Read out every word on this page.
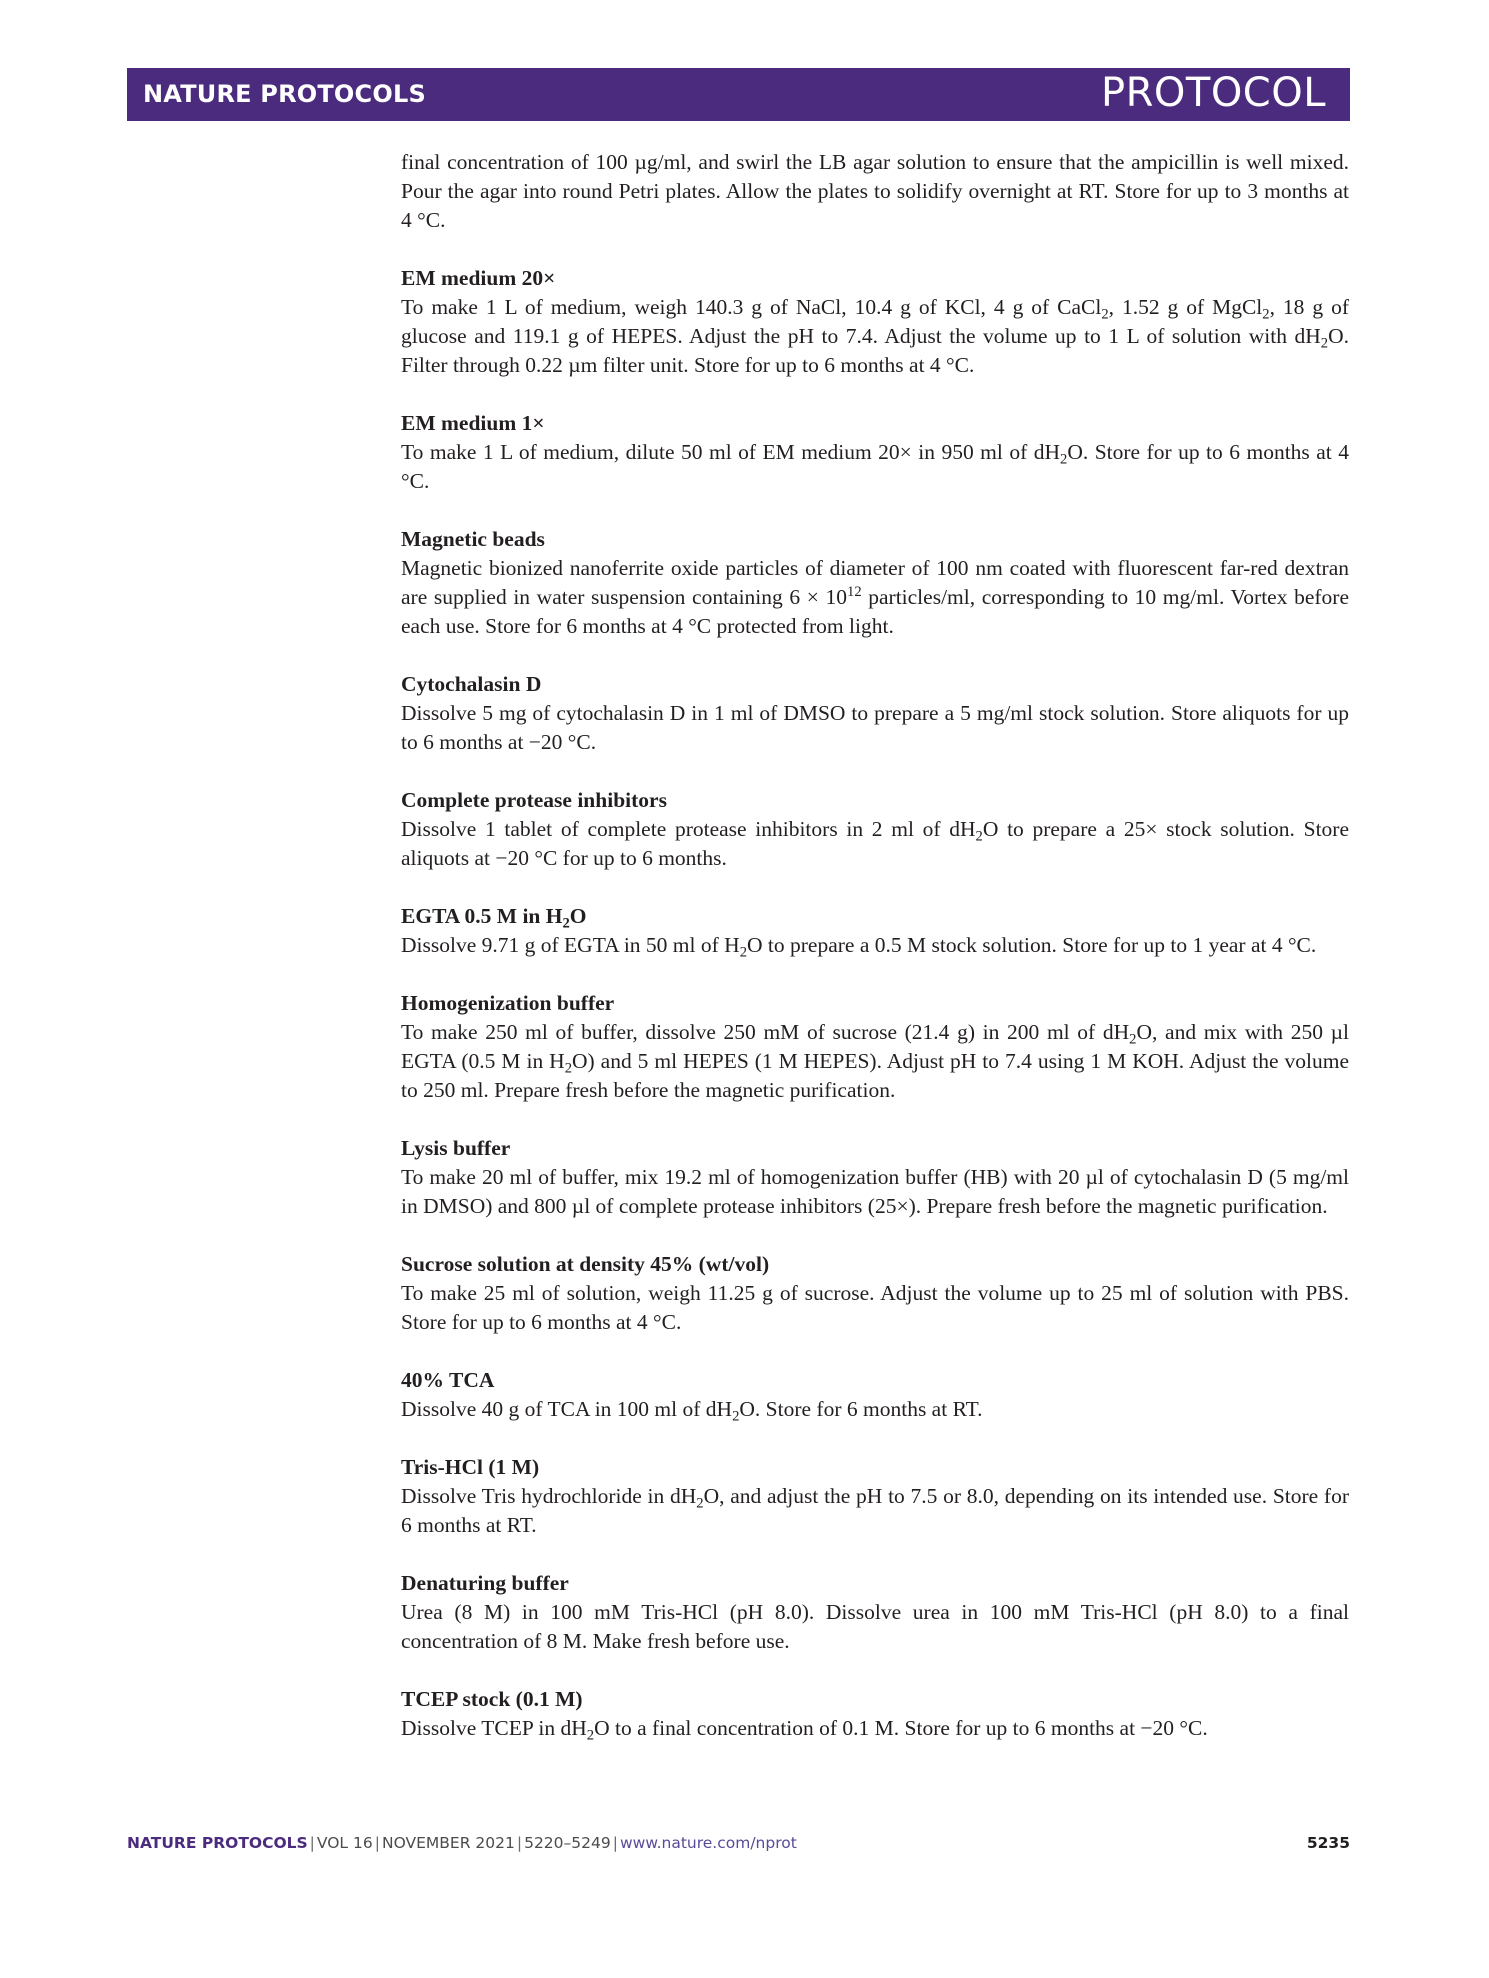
NATURE PROTOCOLS	PROTOCOL

final concentration of 100 µg/ml, and swirl the LB agar solution to ensure that the ampicillin is well mixed. Pour the agar into round Petri plates. Allow the plates to solidify overnight at RT. Store for up to 3 months at 4 °C.

EM medium 20×

To make 1 L of medium, weigh 140.3 g of NaCl, 10.4 g of KCl, 4 g of CaCl$_2$, 1.52 g of MgCl$_2$, 18 g of glucose and 119.1 g of HEPES. Adjust the pH to 7.4. Adjust the volume up to 1 L of solution with $dH_2O$. Filter through 0.22 µm filter unit. Store for up to 6 months at 4 °C.

EM medium 1×

To make 1 L of medium, dilute 50 ml of EM medium 20× in 950 ml of $dH_2O$. Store for up to 6 months at 4 °C.

Magnetic beads

Magnetic bionized nanoferrite oxide particles of diameter of 100 nm coated with fluorescent far-red dextran are supplied in water suspension containing $6 \times 10^{12}$ particles/ml, corresponding to 10 mg/ml. Vortex before each use. Store for 6 months at 4 °C protected from light.

Cytochalasin D

Dissolve 5 mg of cytochalasin D in 1 ml of DMSO to prepare a 5 mg/ml stock solution. Store aliquots for up to 6 months at −20 °C.

Complete protease inhibitors

Dissolve 1 tablet of complete protease inhibitors in 2 ml of $dH_2O$ to prepare a 25× stock solution. Store aliquots at −20 °C for up to 6 months.

EGTA 0.5 M in $H_2O$

Dissolve 9.71 g of EGTA in 50 ml of $H_2O$ to prepare a 0.5 M stock solution. Store for up to 1 year at 4 °C.

Homogenization buffer

To make 250 ml of buffer, dissolve 250 mM of sucrose (21.4 g) in 200 ml of $dH_2O$, and mix with 250 µl EGTA (0.5 M in $H_2O$) and 5 ml HEPES (1 M HEPES). Adjust pH to 7.4 using 1 M KOH. Adjust the volume to 250 ml. Prepare fresh before the magnetic purification.

Lysis buffer

To make 20 ml of buffer, mix 19.2 ml of homogenization buffer (HB) with 20 µl of cytochalasin D (5 mg/ml in DMSO) and 800 µl of complete protease inhibitors (25×). Prepare fresh before the magnetic purification.

Sucrose solution at density 45% (wt/vol)

To make 25 ml of solution, weigh 11.25 g of sucrose. Adjust the volume up to 25 ml of solution with PBS. Store for up to 6 months at 4 °C.

40% TCA

Dissolve 40 g of TCA in 100 ml of $dH_2O$. Store for 6 months at RT.

Tris-HCl (1 M)

Dissolve Tris hydrochloride in $dH_2O$, and adjust the pH to 7.5 or 8.0, depending on its intended use. Store for 6 months at RT.

Denaturing buffer

Urea (8 M) in 100 mM Tris-HCl (pH 8.0). Dissolve urea in 100 mM Tris-HCl (pH 8.0) to a final concentration of 8 M. Make fresh before use.

TCEP stock (0.1 M)

Dissolve TCEP in $dH_2O$ to a final concentration of 0.1 M. Store for up to 6 months at −20 °C.

NATURE PROTOCOLS | VOL 16 | NOVEMBER 2021 | 5220–5249 | www.nature.com/nprot	5235
